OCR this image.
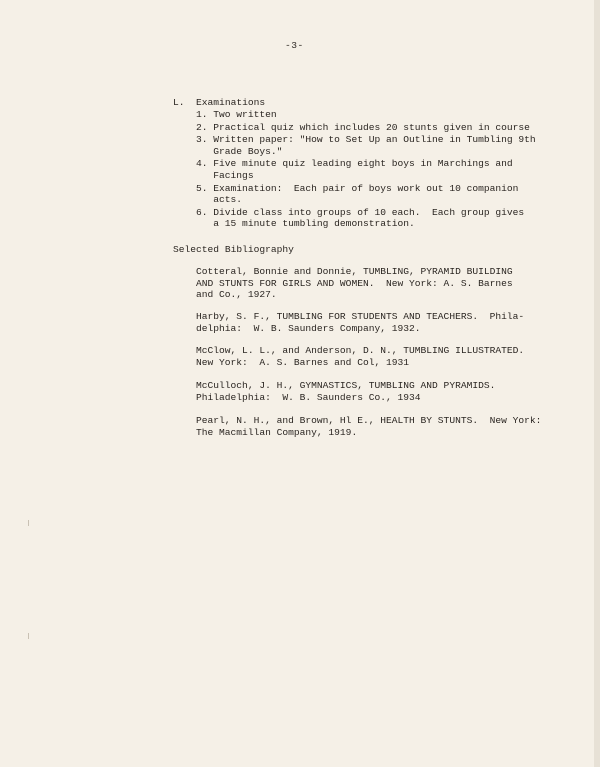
-3-
L. Examinations
1. Two written
2. Practical quiz which includes 20 stunts given in course
3. Written paper: "How to Set Up an Outline in Tumbling 9th
Grade Boys."
4. Five minute quiz leading eight boys in Marchings and
Facings
5. Examination:  Each pair of boys work out 10 companion
acts.
6. Divide class into groups of 10 each.  Each group gives
a 15 minute tumbling demonstration.
Selected Bibliography
Cotteral, Bonnie and Donnie, TUMBLING, PYRAMID BUILDING
AND STUNTS FOR GIRLS AND WOMEN.  New York: A. S. Barnes
and Co., 1927.
Harby, S. F., TUMBLING FOR STUDENTS AND TEACHERS.  Phila-
delphia:  W. B. Saunders Company, 1932.
McClow, L. L., and Anderson, D. N., TUMBLING ILLUSTRATED.
New York:  A. S. Barnes and Col, 1931
McCulloch, J. H., GYMNASTICS, TUMBLING AND PYRAMIDS.
Philadelphia:  W. B. Saunders Co., 1934
Pearl, N. H., and Brown, Hl E., HEALTH BY STUNTS.  New York:
The Macmillan Company, 1919.
